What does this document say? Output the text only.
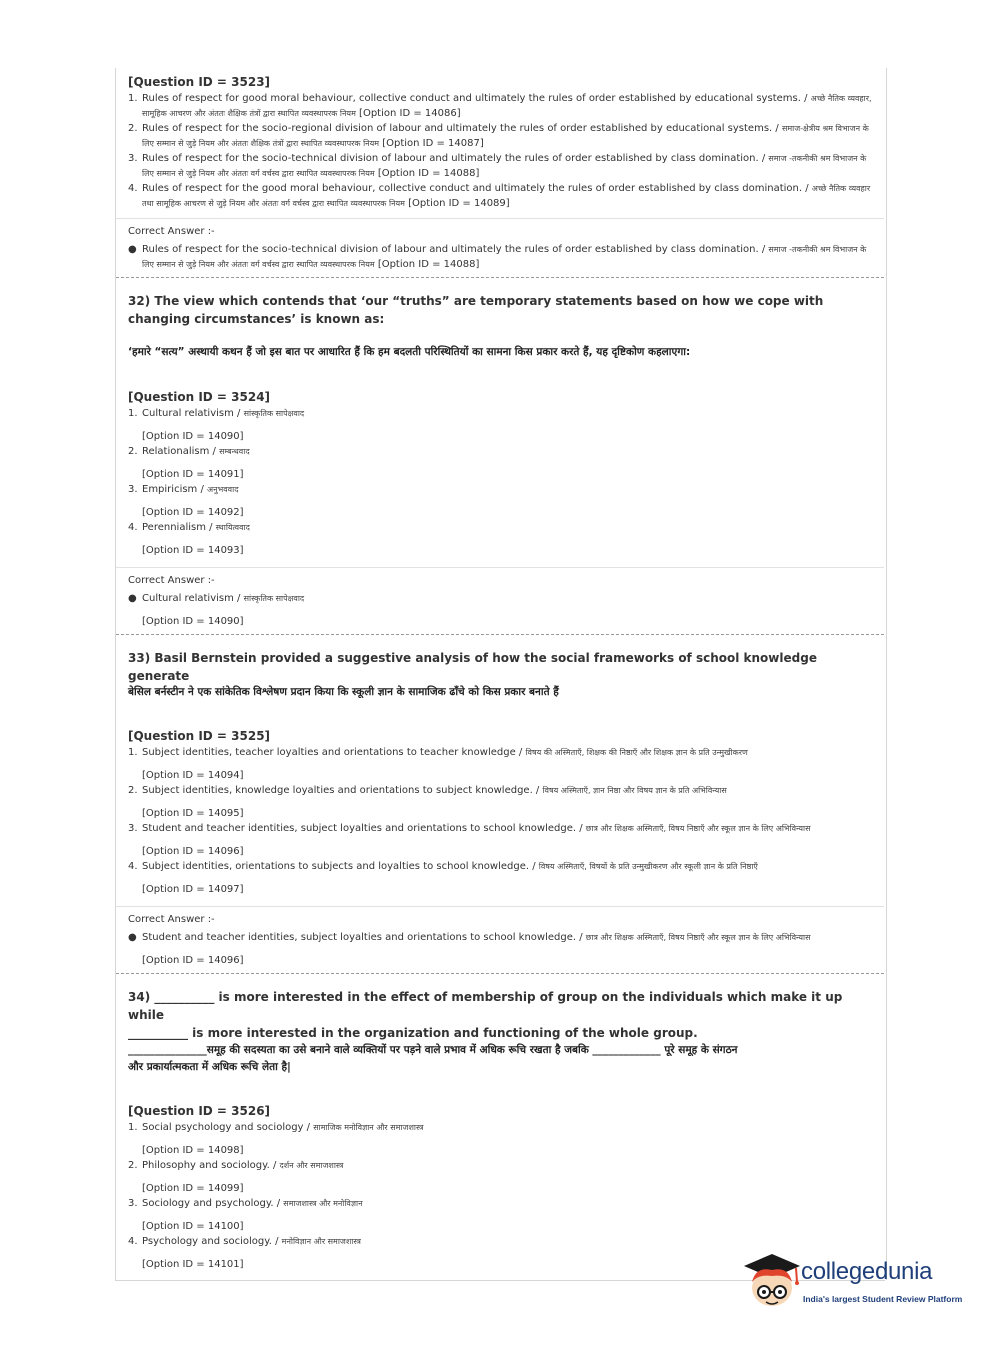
[Question ID = 3523]
1. Rules of respect for good moral behaviour, collective conduct and ultimately the rules of order established by educational systems. / अच्छे नैतिक व्यवहार, सामूहिक आचरण और अंततः शैक्षिक तंत्रों द्वारा स्थापित व्यवस्थापरक नियम [Option ID = 14086]
2. Rules of respect for the socio-regional division of labour and ultimately the rules of order established by educational systems. / समाज-क्षेत्रीय श्रम विभाजन के लिए सम्मान से जुड़े नियम और अंततः शैक्षिक तंत्रों द्वारा स्थापित व्यवस्थापरक नियम [Option ID = 14087]
3. Rules of respect for the socio-technical division of labour and ultimately the rules of order established by class domination. / समाज -तकनीकी श्रम विभाजन के लिए सम्मान से जुड़े नियम और अंततः वर्ग वर्चस्व द्वारा स्थापित व्यवस्थापरक नियम [Option ID = 14088]
4. Rules of respect for the good moral behaviour, collective conduct and ultimately the rules of order established by class domination. / अच्छे नैतिक व्यवहार तथा सामूहिक आचरण से जुड़े नियम और अंततः वर्ग वर्चस्व द्वारा स्थापित व्यवस्थापरक नियम [Option ID = 14089]
Correct Answer :-
● Rules of respect for the socio-technical division of labour and ultimately the rules of order established by class domination. / समाज -तकनीकी श्रम विभाजन के लिए सम्मान से जुड़े नियम और अंततः वर्ग वर्चस्व द्वारा स्थापित व्यवस्थापरक नियम [Option ID = 14088]
32) The view which contends that ‘our “truths” are temporary statements based on how we cope with changing circumstances’ is known as:
‘हमारे “सत्य” अस्थायी कथन हैं जो इस बात पर आधारित हैं कि हम बदलती परिस्थितियों का सामना किस प्रकार करते हैं, यह दृष्टिकोण कहलाएगा:
[Question ID = 3524]
1. Cultural relativism / सांस्कृतिक सापेक्षवाद
[Option ID = 14090]
2. Relationalism / सम्बन्धवाद
[Option ID = 14091]
3. Empiricism / अनुभववाद
[Option ID = 14092]
4. Perennialism / स्थायित्ववाद
[Option ID = 14093]
Correct Answer :-
● Cultural relativism / सांस्कृतिक सापेक्षवाद
[Option ID = 14090]
33) Basil Bernstein provided a suggestive analysis of how the social frameworks of school knowledge generate
बेसिल बर्नस्टीन ने एक सांकेतिक विश्लेषण प्रदान किया कि स्कूली ज्ञान के सामाजिक ढाँचे को किस प्रकार बनाते हैं
[Question ID = 3525]
1. Subject identities, teacher loyalties and orientations to teacher knowledge / विषय की अस्मिताएँ, शिक्षक की निष्ठाएँ और शिक्षक ज्ञान के प्रति उन्मुखीकरण
[Option ID = 14094]
2. Subject identities, knowledge loyalties and orientations to subject knowledge. / विषय अस्मिताएँ, ज्ञान निष्ठा और विषय ज्ञान के प्रति अभिविन्यास
[Option ID = 14095]
3. Student and teacher identities, subject loyalties and orientations to school knowledge. / छात्र और शिक्षक अस्मिताएँ, विषय निष्ठाएँ और स्कूल ज्ञान के लिए अभिविन्यास
[Option ID = 14096]
4. Subject identities, orientations to subjects and loyalties to school knowledge. / विषय अस्मिताएँ, विषयों के प्रति उन्मुखीकरण और स्कूली ज्ञान के प्रति निष्ठाएँ
[Option ID = 14097]
Correct Answer :-
● Student and teacher identities, subject loyalties and orientations to school knowledge. / छात्र और शिक्षक अस्मिताएँ, विषय निष्ठाएँ और स्कूल ज्ञान के लिए अभिविन्यास
[Option ID = 14096]
34) __________ is more interested in the effect of membership of group on the individuals which make it up while
__________ is more interested in the organization and functioning of the whole group.
_______________समूह की सदस्यता का उसे बनाने वाले व्यक्तियों पर पड़ने वाले प्रभाव में अधिक रूचि रखता है जबकि _____________ पूरे समूह के संगठन
और प्रकार्यात्मकता में अधिक रूचि लेता है|
[Question ID = 3526]
1. Social psychology and sociology / सामाजिक मनोविज्ञान और समाजशास्त्र
[Option ID = 14098]
2. Philosophy and sociology. / दर्शन और समाजशास्त्र
[Option ID = 14099]
3. Sociology and psychology. / समाजशास्त्र और मनोविज्ञान
[Option ID = 14100]
4. Psychology and sociology. / मनोविज्ञान और समाजशास्त्र
[Option ID = 14101]	collegedunia
India's largest Student Review Platform
